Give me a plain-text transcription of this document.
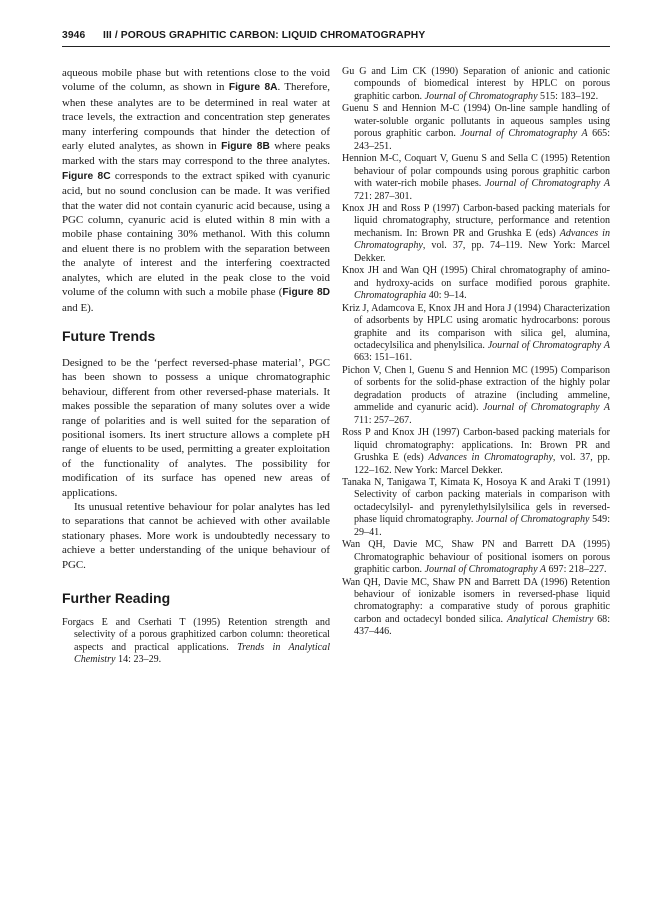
3946 III / POROUS GRAPHITIC CARBON: LIQUID CHROMATOGRAPHY

aqueous mobile phase but with retentions close to the void volume of the column, as shown in Figure 8A. Therefore, when these analytes are to be determined in real water at trace levels, the extraction and concentration step generates many interfering compounds that hinder the detection of early eluted analytes, as shown in Figure 8B where peaks marked with the stars may correspond to the three analytes. Figure 8C corresponds to the extract spiked with cyanuric acid, but no sound conclusion can be made. It was verified that the water did not contain cyanuric acid because, using a PGC column, cyanuric acid is eluted within 8 min with a mobile phase containing 30% methanol. With this column and eluent there is no problem with the separation between the analyte of interest and the interfering coextracted analytes, which are eluted in the peak close to the void volume of the column with such a mobile phase (Figure 8D and E).

Future Trends

Designed to be the ‘perfect reversed-phase material’, PGC has been shown to possess a unique chromatographic behaviour, different from other reversed-phase materials. It makes possible the separation of many solutes over a wide range of polarities and is well suited for the separation of positional isomers. Its inert structure allows a complete pH range of eluents to be used, permitting a greater exploitation of the functionality of analytes. The possibility for modification of its surface has opened new areas of applications.

Its unusual retentive behaviour for polar analytes has led to separations that cannot be achieved with other available stationary phases. More work is undoubtedly necessary to achieve a better understanding of the unique behaviour of PGC.

Further Reading

Forgacs E and Cserhati T (1995) Retention strength and selectivity of a porous graphitized carbon column: theoretical aspects and practical applications. Trends in Analytical Chemistry 14: 23–29.

Gu G and Lim CK (1990) Separation of anionic and cationic compounds of biomedical interest by HPLC on porous graphitic carbon. Journal of Chromatography 515: 183–192.

Guenu S and Hennion M-C (1994) On-line sample handling of water-soluble organic pollutants in aqueous samples using porous graphitic carbon. Journal of Chromatography A 665: 243–251.

Hennion M-C, Coquart V, Guenu S and Sella C (1995) Retention behaviour of polar compounds using porous graphitic carbon with water-rich mobile phases. Journal of Chromatography A 721: 287–301.

Knox JH and Ross P (1997) Carbon-based packing materials for liquid chromatography, structure, performance and retention mechanism. In: Brown PR and Grushka E (eds) Advances in Chromatography, vol. 37, pp. 74–119. New York: Marcel Dekker.

Knox JH and Wan QH (1995) Chiral chromatography of amino- and hydroxy-acids on surface modified porous graphite. Chromatographia 40: 9–14.

Kriz J, Adamcova E, Knox JH and Hora J (1994) Characterization of adsorbents by HPLC using aromatic hydrocarbons: porous graphite and its comparison with silica gel, alumina, octadecylsilica and phenylsilica. Journal of Chromatography A 663: 151–161.

Pichon V, Chen l, Guenu S and Hennion MC (1995) Comparison of sorbents for the solid-phase extraction of the highly polar degradation products of atrazine (including ammeline, ammelide and cyanuric acid). Journal of Chromatography A 711: 257–267.

Ross P and Knox JH (1997) Carbon-based packing materials for liquid chromatography: applications. In: Brown PR and Grushka E (eds) Advances in Chromatography, vol. 37, pp. 122–162. New York: Marcel Dekker.

Tanaka N, Tanigawa T, Kimata K, Hosoya K and Araki T (1991) Selectivity of carbon packing materials in comparison with octadecylsilyl- and pyrenylethylsilylsilica gels in reversed-phase liquid chromatography. Journal of Chromatography 549: 29–41.

Wan QH, Davie MC, Shaw PN and Barrett DA (1995) Chromatographic behaviour of positional isomers on porous graphitic carbon. Journal of Chromatography A 697: 218–227.

Wan QH, Davie MC, Shaw PN and Barrett DA (1996) Retention behaviour of ionizable isomers in reversed-phase liquid chromatography: a comparative study of porous graphitic carbon and octadecyl bonded silica. Analytical Chemistry 68: 437–446.
